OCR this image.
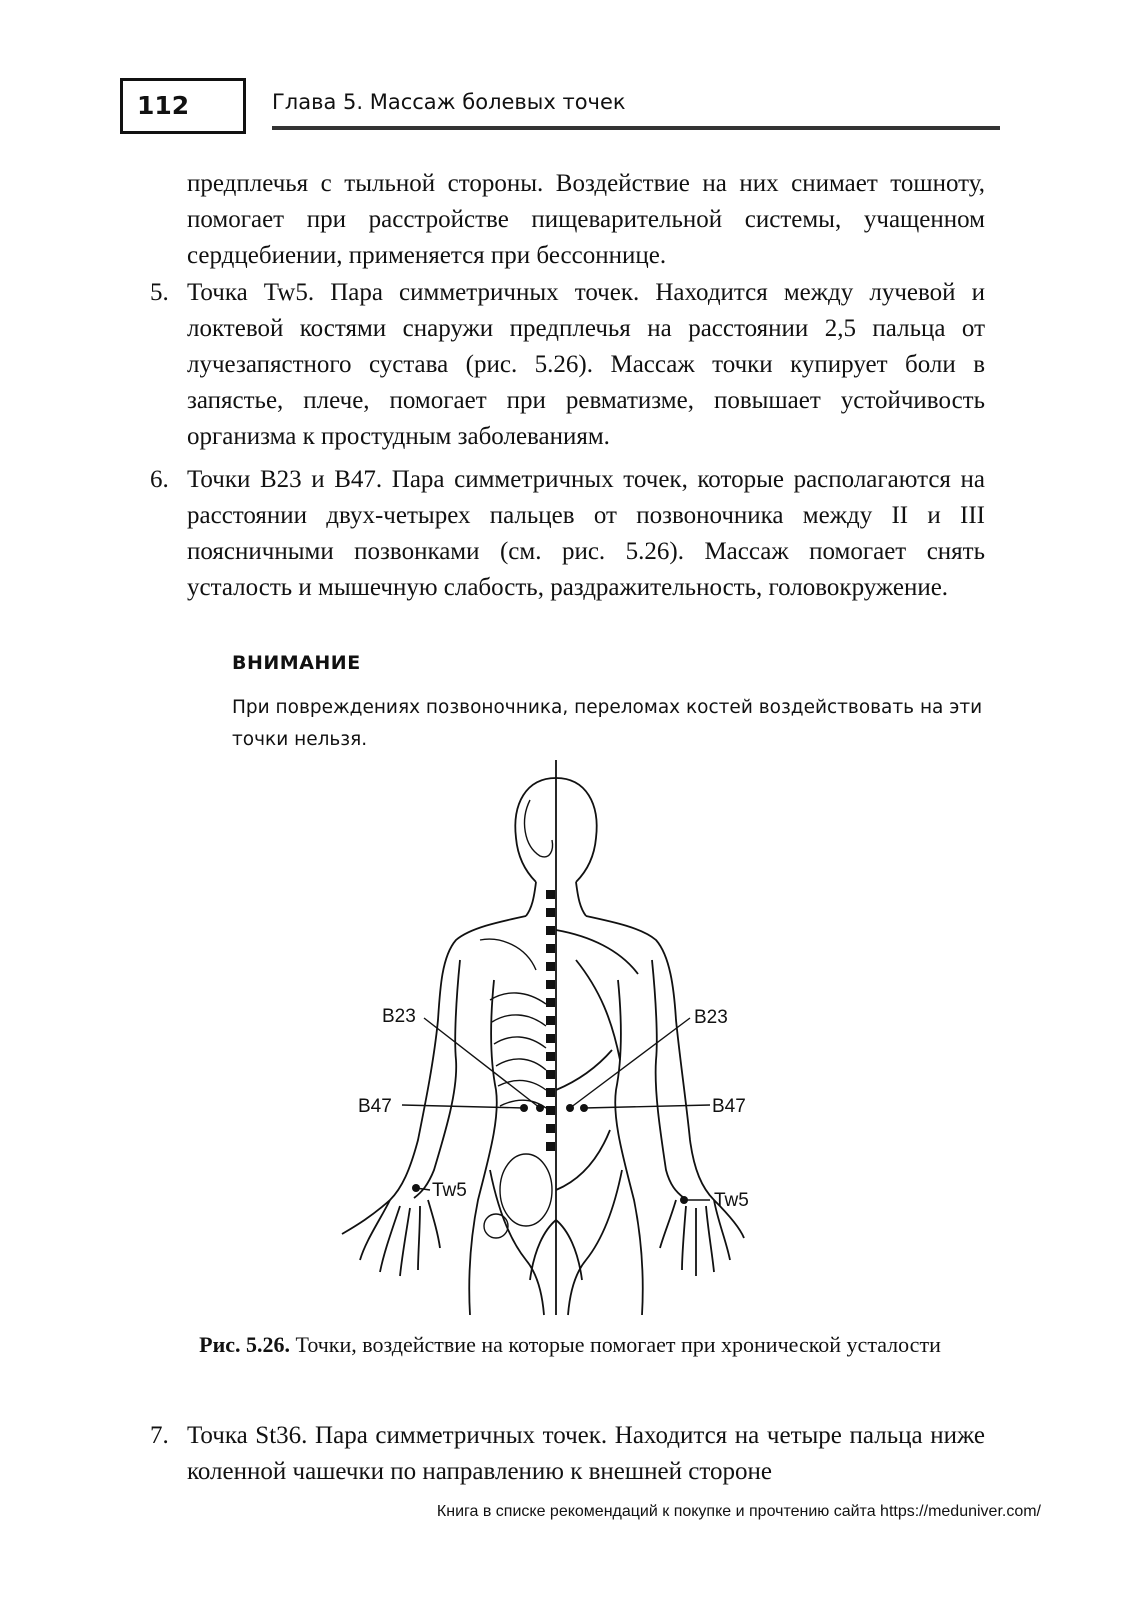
112	Глава 5. Массаж болевых точек
предплечья с тыльной стороны. Воздействие на них снимает тошноту, помогает при расстройстве пищеварительной системы, учащенном сердцебиении, применяется при бессоннице.
5. Точка Tw5. Пара симметричных точек. Находится между лучевой и локтевой костями снаружи предплечья на расстоянии 2,5 пальца от лучезапястного сустава (рис. 5.26). Массаж точки купирует боли в запястье, плече, помогает при ревматизме, повышает устойчивость организма к простудным заболеваниям.
6. Точки B23 и B47. Пара симметричных точек, которые располагаются на расстоянии двух-четырех пальцев от позвоночника между II и III поясничными позвонками (см. рис. 5.26). Массаж помогает снять усталость и мышечную слабость, раздражительность, головокружение.
ВНИМАНИЕ
При повреждениях позвоночника, переломах костей воздействовать на эти точки нельзя.
B23	B23
B47	B47
Tw5	Tw5
Рис. 5.26. Точки, воздействие на которые помогает при хронической усталости
7. Точка St36. Пара симметричных точек. Находится на четыре пальца ниже коленной чашечки по направлению к внешней стороне
Книга в списке рекомендаций к покупке и прочтению сайта https://meduniver.com/
